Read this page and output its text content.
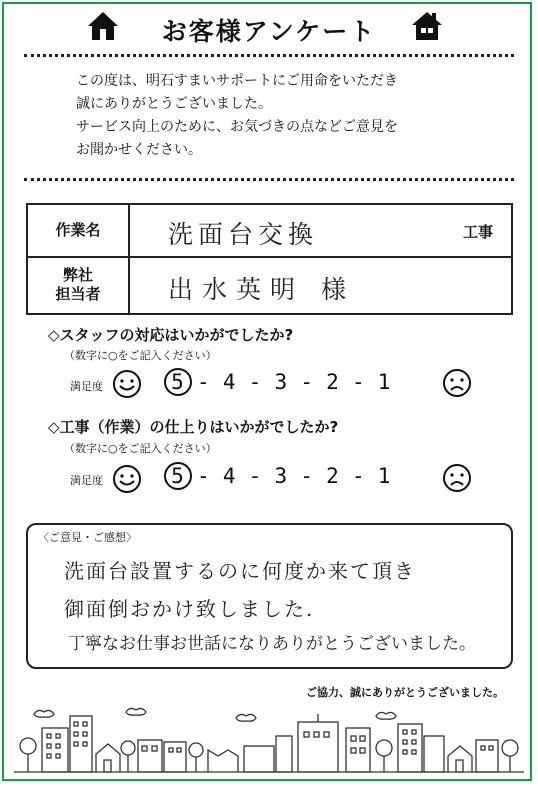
お客様アンケート
この度は、明石すまいサポートにご用命をいただき
誠にありがとうございました。
サービス向上のために、お気づきの点などご意見を
お聞かせください。
作業名	洗面台交換 工事

弊社
担当者	出水英明 様
◇スタッフの対応はいかがでしたか?
（数字に○をご記入ください）
満足度	5 - 4 - 3 - 2 - 1
◇工事（作業）の仕上りはいかがでしたか?
（数字に○をご記入ください）
満足度	5 - 4 - 3 - 2 - 1
〈ご意見・ご感想〉
洗面台設置するのに何度か来て頂き
御面倒おかけ致しました.
丁寧なお仕事お世話になりありがとうございました。
ご協力、誠にありがとうございました。
